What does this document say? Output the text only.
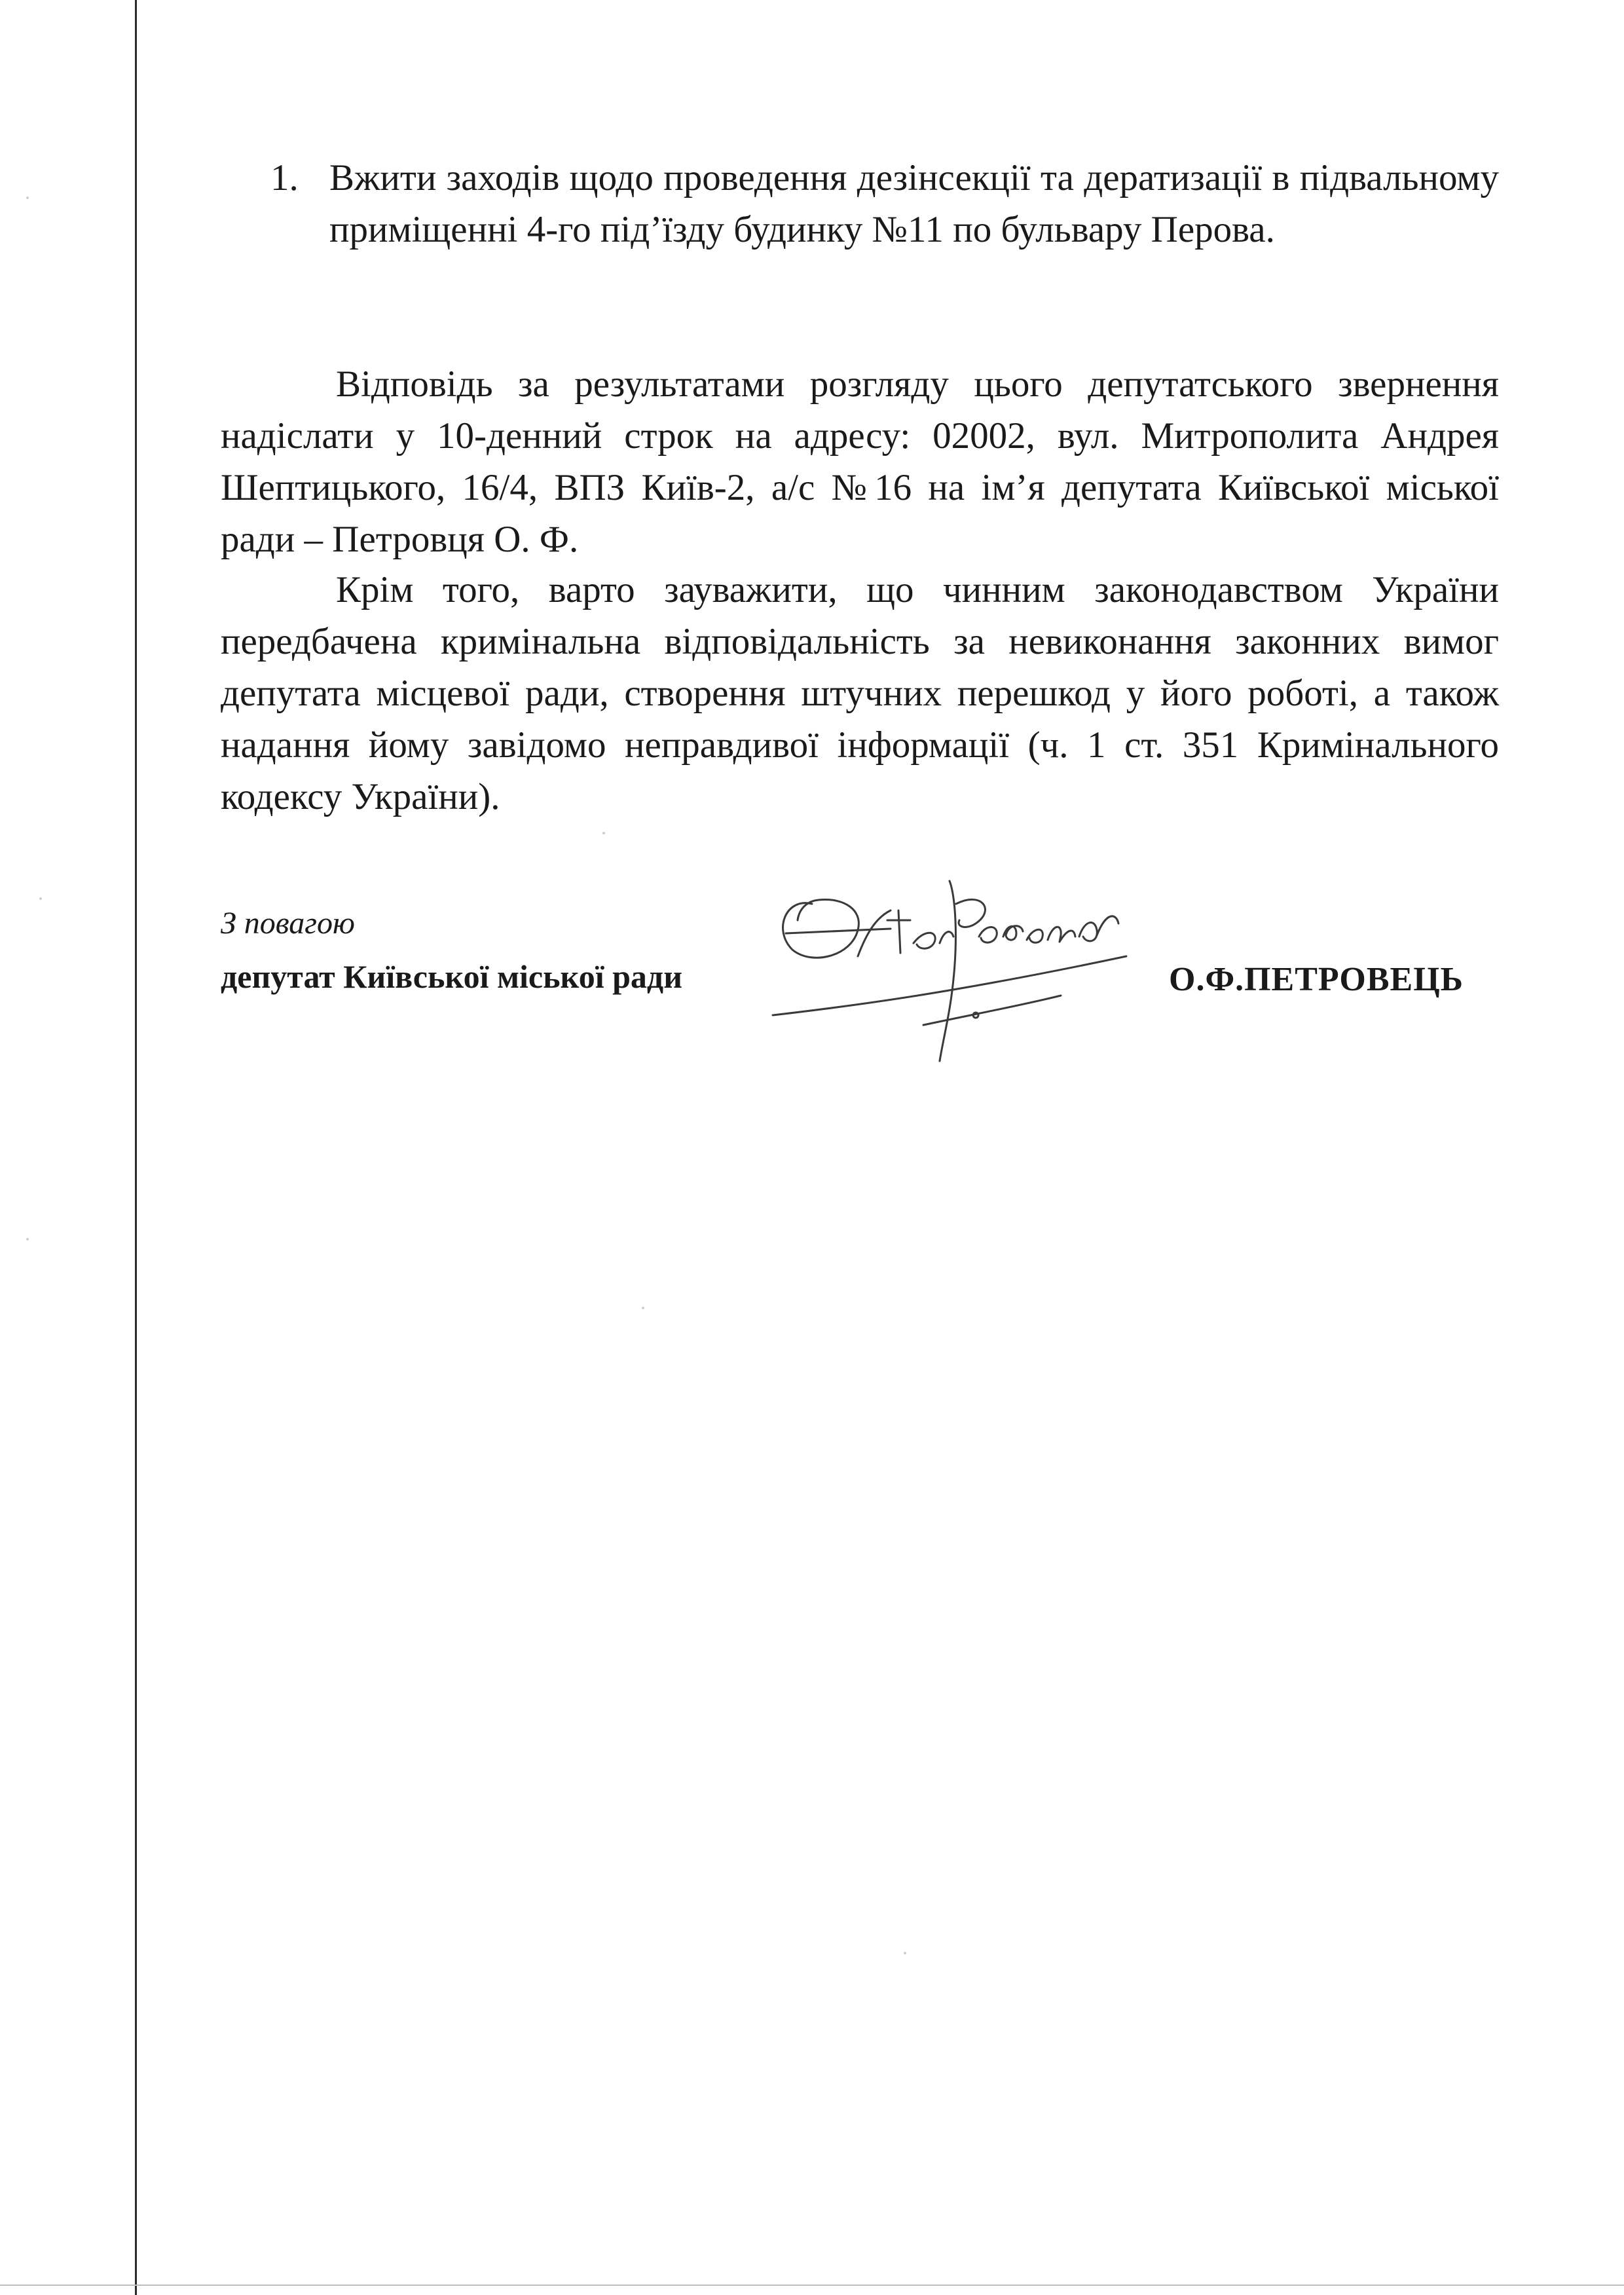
1. Вжити заходів щодо проведення дезінсекції та дератизації в підвальному приміщенні 4-го під’їзду будинку №11 по бульвару Перова.
Відповідь за результатами розгляду цього депутатського звернення надіслати у 10-денний строк на адресу: 02002, вул. Митрополита Андрея Шептицького, 16/4, ВПЗ Київ-2, а/с №16 на ім’я депутата Київської міської ради – Петровця О. Ф.
Крім того, варто зауважити, що чинним законодавством України передбачена кримінальна відповідальність за невиконання законних вимог депутата місцевої ради, створення штучних перешкод у його роботі, а також надання йому завідомо неправдивої інформації (ч. 1 ст. 351 Кримінального кодексу України).
З повагою
депутат Київської міської ради	О.Ф.ПЕТРОВЕЦЬ
